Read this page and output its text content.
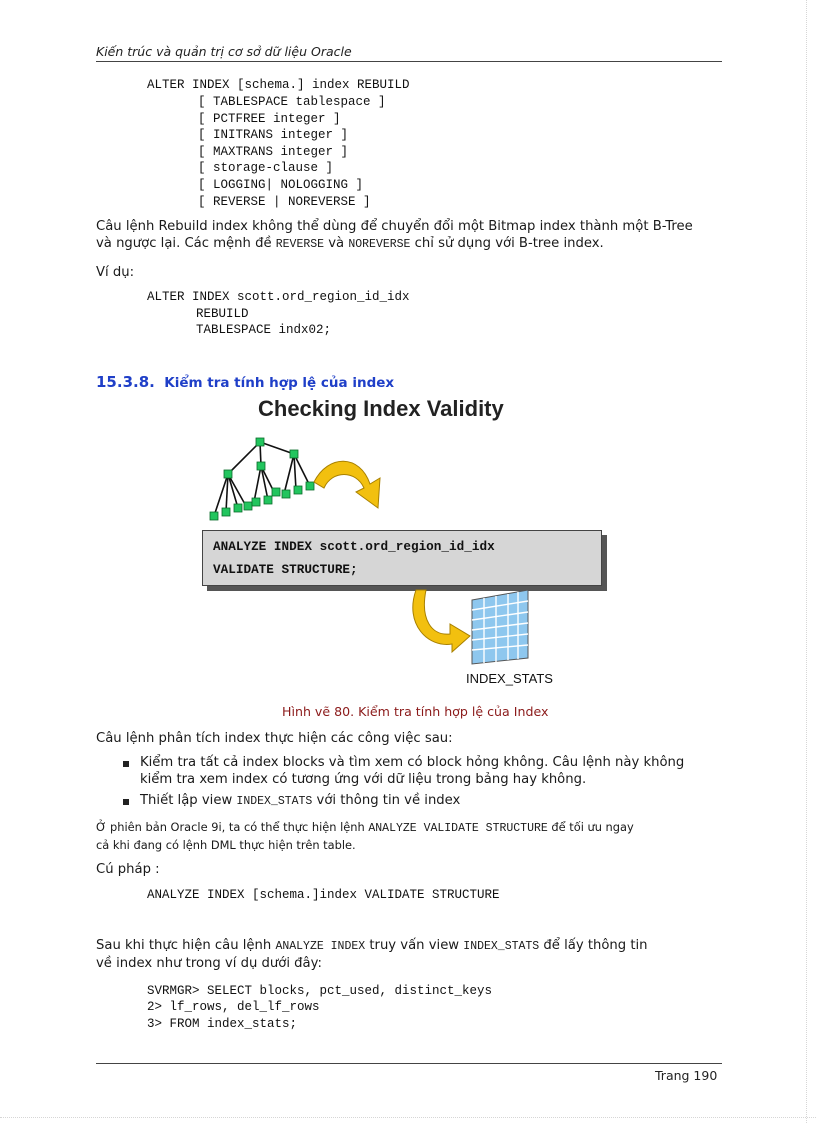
Kiến trúc và quản trị cơ sở dữ liệu Oracle
ALTER INDEX [schema.] index REBUILD
[ TABLESPACE tablespace ]
[ PCTFREE integer ]
[ INITRANS integer ]
[ MAXTRANS integer ]
[ storage-clause ]
[ LOGGING| NOLOGGING ]
[ REVERSE | NOREVERSE ]
Câu lệnh Rebuild index không thể dùng để chuyển đổi một Bitmap index thành một B-Tree
và ngược lại. Các mệnh đề REVERSE và NOREVERSE chỉ sử dụng với B-tree index.
Ví dụ:
ALTER INDEX scott.ord_region_id_idx
REBUILD
TABLESPACE indx02;
15.3.8. Kiểm tra tính hợp lệ của index
Checking Index Validity
ANALYZE INDEX scott.ord_region_id_idx
VALIDATE STRUCTURE;
INDEX_STATS
Hình vẽ 80. Kiểm tra tính hợp lệ của Index
Câu lệnh phân tích index thực hiện các công việc sau:
Kiểm tra tất cả index blocks và tìm xem có block hỏng không. Câu lệnh này không
kiểm tra xem index có tương ứng với dữ liệu trong bảng hay không.
Thiết lập view INDEX_STATS với thông tin về index
Ở phiên bản Oracle 9i, ta có thể thực hiện lệnh ANALYZE VALIDATE STRUCTURE để tối ưu ngay
cả khi đang có lệnh DML thực hiện trên table.
Cú pháp :
ANALYZE INDEX [schema.]index VALIDATE STRUCTURE
Sau khi thực hiện câu lệnh ANALYZE INDEX truy vấn view INDEX_STATS để lấy thông tin
về index như trong ví dụ dưới đây:
SVRMGR> SELECT blocks, pct_used, distinct_keys
2> lf_rows, del_lf_rows
3> FROM index_stats;
Trang 190
